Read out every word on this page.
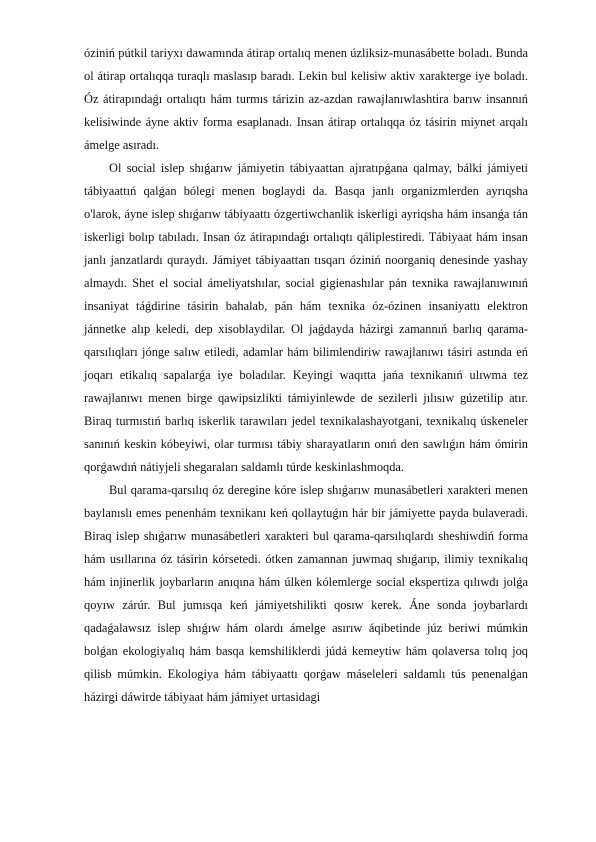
óziniń pútkil tariyxı dawamında átirap ortalıq menen úzliksiz-munasábette boladı. Bunda ol átirap ortalıqqa turaqlı maslasıp baradı. Lekin bul kelisiw aktiv xarakterge iye boladı. Óz átirapındaǵı ortalıqtı hám turmıs tárizin az-azdan rawajlanıwlashtira barıw insannıń kelisiwinde áyne aktiv forma esaplanadı. Insan átirap ortalıqqa óz tásirin miynet arqalı ámelge asıradı.

Ol social islep shıǵarıw jámiyetin tábiyaattan ajıratıpǵana qalmay, bálki jámiyeti tábiyaattıń qalǵan bólegi menen boglaydi da. Basqa janlı organizmlerden ayrıqsha o'larok, áyne islep shıǵarıw tábiyaattı ózgertiwchanlik iskerligi ayriqsha hám insanǵa tán iskerligi bolıp tabıladı. Insan óz átirapındaǵı ortalıqtı qáliplestiredi. Tábiyaat hám insan janlı janzatlardı quraydı. Jámiyet tábiyaattan tısqarı óziniń noorganiq denesinde yashay almaydı. Shet el social ámeliyatshılar, social gigienashılar pán texnika rawajlanıwınıń insaniyat táǵdirine tásirin bahalab, pán hám texnika óz-ózinen insaniyattı elektron jánnetke alıp keledi, dep xisoblaydilar. Ol jaǵdayda házirgi zamannıń barlıq qarama-qarsılıqları jónge salıw etiledi, adamlar hám bilimlendiriw rawajlanıwı tásiri astında eń joqarı etikalıq sapalarǵa iye boladılar. Keyingi waqıtta jańa texnikanıń ulıwma tez rawajlanıwı menen birge qawipsizlikti támiyinlewde de sezilerli jılısıw gúzetilip atır. Biraq turmıstıń barlıq iskerlik tarawıları jedel texnikalashayotgani, texnikalıq úskeneler sanınıń keskin kóbeyiwi, olar turmısı tábiy sharayatların onıń den sawlıǵın hám ómirin qorǵawdıń nátiyjeli shegaraları saldamlı túrde keskinlashmoqda.

Bul qarama-qarsılıq óz deregine kóre islep shıǵarıw munasábetleri xarakteri menen baylanıslı emes penenhám texnikanı keń qollaytuǵın hár bir jámiyette payda bulaveradi. Biraq islep shıǵarıw munasábetleri xarakteri bul qarama-qarsılıqlardı sheshiwdiń forma hám usıllarına óz tásirin kórsetedi. ótken zamannan juwmaq shıǵarıp, ilimiy texnikalıq hám injinerlik joybarların anıqına hám úlken kólemlerge social ekspertiza qılıwdı jolǵa qoyıw zárúr. Bul jumısqa keń jámiyetshilikti qosıw kerek. Áne sonda joybarlardı qadaǵalawsız islep shıǵıw hám olardı ámelge asırıw áqibetinde júz beriwi múmkin bolǵan ekologiyalıq hám basqa kemshiliklerdi júdá kemeytiw hám qolaversa tolıq joq qilisb múmkin. Ekologiya hám tábiyaattı qorǵaw máseleleri saldamlı tús penenalǵan házirgi dáwirde tábiyaat hám jámiyet urtasidagi
